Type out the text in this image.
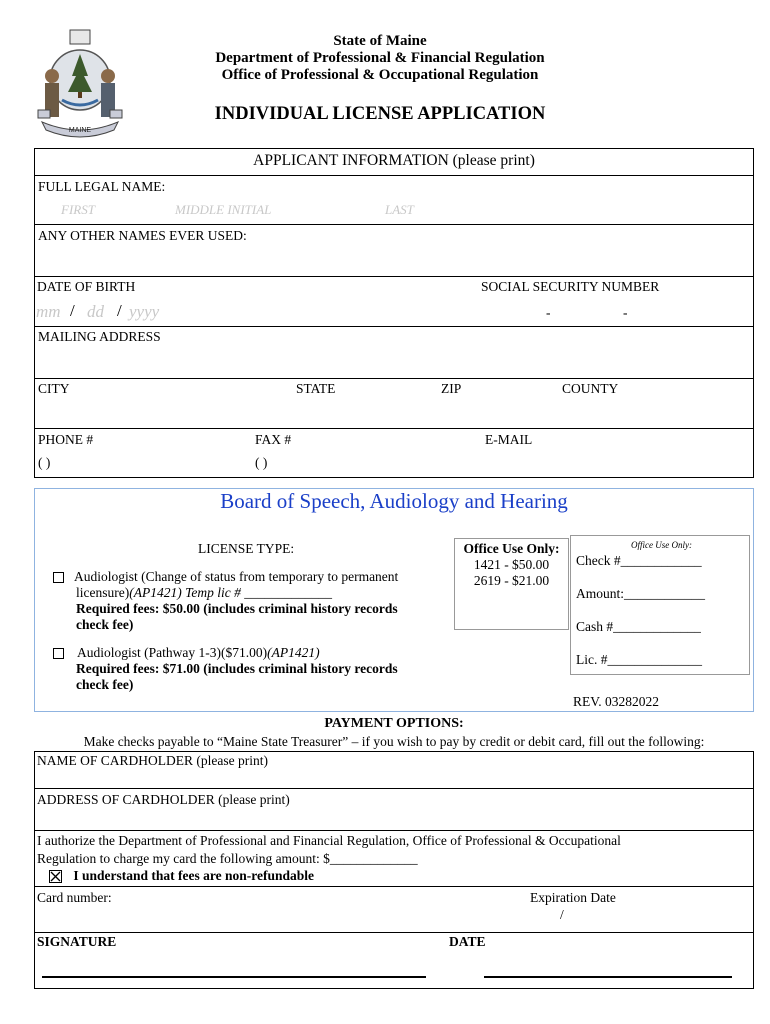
MAINE
State of Maine
Department of Professional & Financial Regulation
Office of Professional & Occupational Regulation
INDIVIDUAL LICENSE APPLICATION
APPLICANT INFORMATION (please print)
FULL LEGAL NAME:
FIRST	MIDDLE INITIAL	LAST
ANY OTHER NAMES EVER USED:
DATE OF BIRTH	SOCIAL SECURITY NUMBER
mm / dd / yyyy	-	-
MAILING ADDRESS
CITY	STATE	ZIP	COUNTY
PHONE #	FAX #	E-MAIL
( )	( )
Board of Speech, Audiology and Hearing
LICENSE TYPE:
Audiologist (Change of status from temporary to permanent
licensure)(AP1421) Temp lic # _____________
Required fees: $50.00 (includes criminal history records
check fee)
Audiologist (Pathway 1-3)($71.00)(AP1421)
Required fees: $71.00 (includes criminal history records
check fee)
Office Use Only:
1421 - $50.00
2619 - $21.00
Office Use Only:
Check #____________
Amount:____________
Cash #_____________
Lic. #______________
REV. 03282022
PAYMENT OPTIONS:
Make checks payable to “Maine State Treasurer” – if you wish to pay by credit or debit card, fill out the following:
NAME OF CARDHOLDER (please print)
ADDRESS OF CARDHOLDER (please print)
I authorize the Department of Professional and Financial Regulation, Office of Professional & Occupational
Regulation to charge my card the following amount: $_____________
I understand that fees are non-refundable
Card number:	Expiration Date
/
SIGNATURE	DATE
